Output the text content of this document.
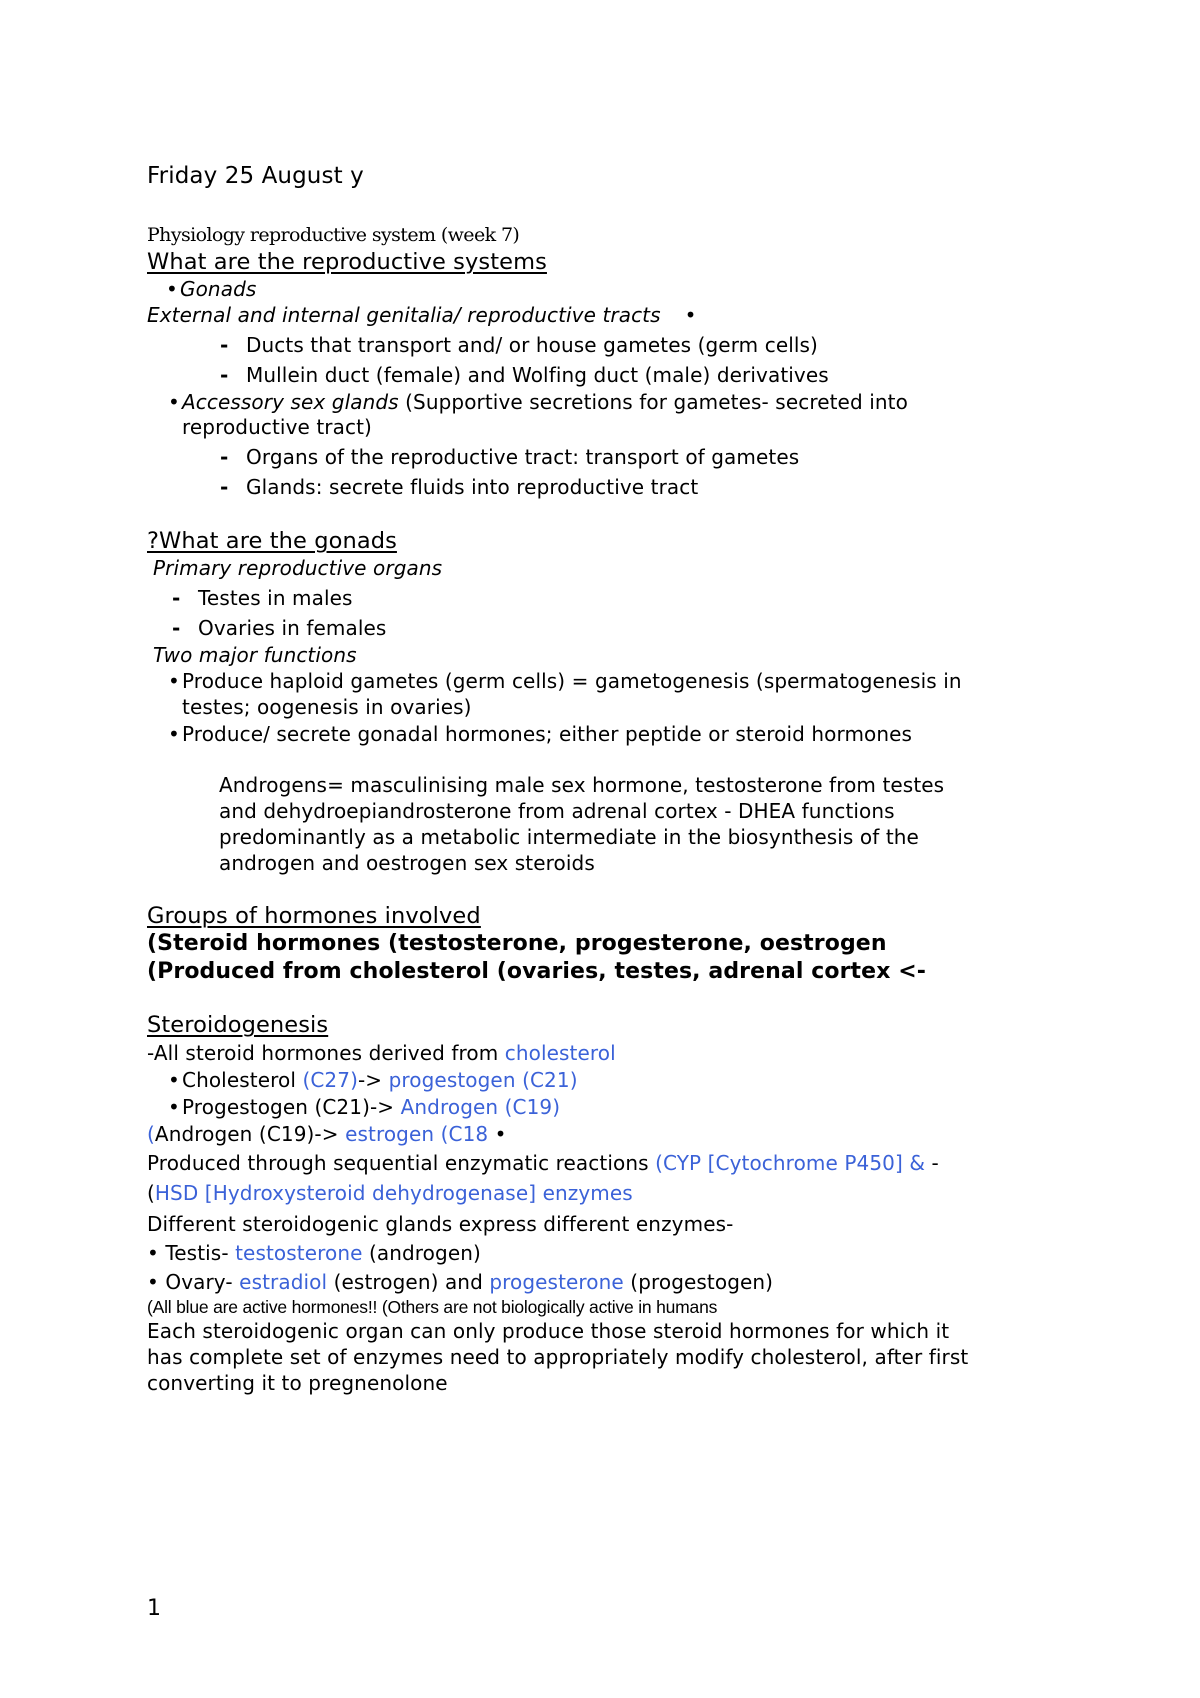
Friday 25 August y
Physiology reproductive system (week 7)
What are the reproductive systems
• Gonads
External and internal genitalia/ reproductive tracts •
- Ducts that transport and/ or house gametes (germ cells)
- Mullein duct (female) and Wolfing duct (male) derivatives
• Accessory sex glands (Supportive secretions for gametes- secreted into
reproductive tract)
- Organs of the reproductive tract: transport of gametes
- Glands: secrete fluids into reproductive tract
?What are the gonads
Primary reproductive organs
- Testes in males
- Ovaries in females
Two major functions
• Produce haploid gametes (germ cells) = gametogenesis (spermatogenesis in
testes; oogenesis in ovaries)
• Produce/ secrete gonadal hormones; either peptide or steroid hormones
Androgens= masculinising male sex hormone, testosterone from testes
and dehydroepiandrosterone from adrenal cortex - DHEA functions
predominantly as a metabolic intermediate in the biosynthesis of the
androgen and oestrogen sex steroids
Groups of hormones involved
(Steroid hormones (testosterone, progesterone, oestrogen
(Produced from cholesterol (ovaries, testes, adrenal cortex <-
Steroidogenesis
-All steroid hormones derived from cholesterol
• Cholesterol (C27)-> progestogen (C21)
• Progestogen (C21)-> Androgen (C19)
(Androgen (C19)-> estrogen (C18 •
Produced through sequential enzymatic reactions (CYP [Cytochrome P450] & -
(HSD [Hydroxysteroid dehydrogenase] enzymes
Different steroidogenic glands express different enzymes-
• Testis- testosterone (androgen)
• Ovary- estradiol (estrogen) and progesterone (progestogen)
(All blue are active hormones!! (Others are not biologically active in humans
Each steroidogenic organ can only produce those steroid hormones for which it
has complete set of enzymes need to appropriately modify cholesterol, after first
converting it to pregnenolone
1
